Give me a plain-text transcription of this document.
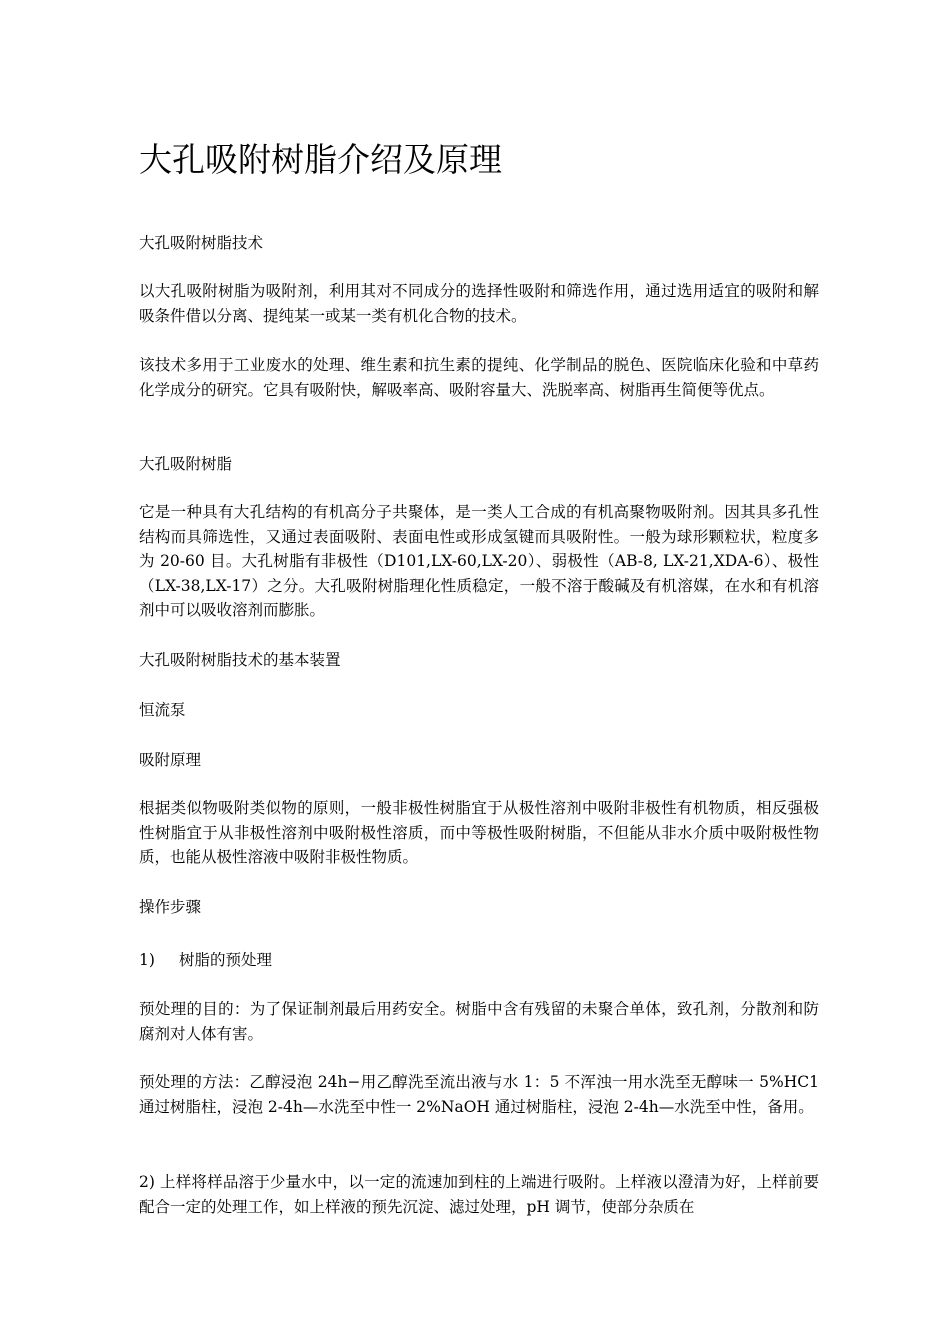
大孔吸附树脂介绍及原理

大孔吸附树脂技术

以大孔吸附树脂为吸附剂，利用其对不同成分的选择性吸附和筛选作用，通过选用适宜的吸附和解吸条件借以分离、提纯某一或某一类有机化合物的技术。

该技术多用于工业废水的处理、维生素和抗生素的提纯、化学制品的脱色、医院临床化验和中草药化学成分的研究。它具有吸附快，解吸率高、吸附容量大、洗脱率高、树脂再生简便等优点。

大孔吸附树脂

它是一种具有大孔结构的有机高分子共聚体，是一类人工合成的有机高聚物吸附剂。因其具多孔性结构而具筛选性，又通过表面吸附、表面电性或形成氢键而具吸附性。一般为球形颗粒状，粒度多为 20-60 目。大孔树脂有非极性（D101,LX-60,LX-20）、弱极性（AB-8, LX-21,XDA-6）、极性（LX-38,LX-17）之分。大孔吸附树脂理化性质稳定，一般不溶于酸碱及有机溶媒，在水和有机溶剂中可以吸收溶剂而膨胀。

大孔吸附树脂技术的基本装置

恒流泵

吸附原理

根据类似物吸附类似物的原则，一般非极性树脂宜于从极性溶剂中吸附非极性有机物质，相反强极性树脂宜于从非极性溶剂中吸附极性溶质，而中等极性吸附树脂，不但能从非水介质中吸附极性物质，也能从极性溶液中吸附非极性物质。

操作步骤

1) 树脂的预处理

预处理的目的：为了保证制剂最后用药安全。树脂中含有残留的未聚合单体，致孔剂，分散剂和防腐剂对人体有害。

预处理的方法：乙醇浸泡 24h−用乙醇洗至流出液与水 1：5 不浑浊一用水洗至无醇味一 5%HC1 通过树脂柱，浸泡 2-4h—水洗至中性一 2%NaOH 通过树脂柱，浸泡 2-4h—水洗至中性，备用。

2) 上样将样品溶于少量水中，以一定的流速加到柱的上端进行吸附。上样液以澄清为好，上样前要配合一定的处理工作，如上样液的预先沉淀、滤过处理，pH 调节，使部分杂质在
